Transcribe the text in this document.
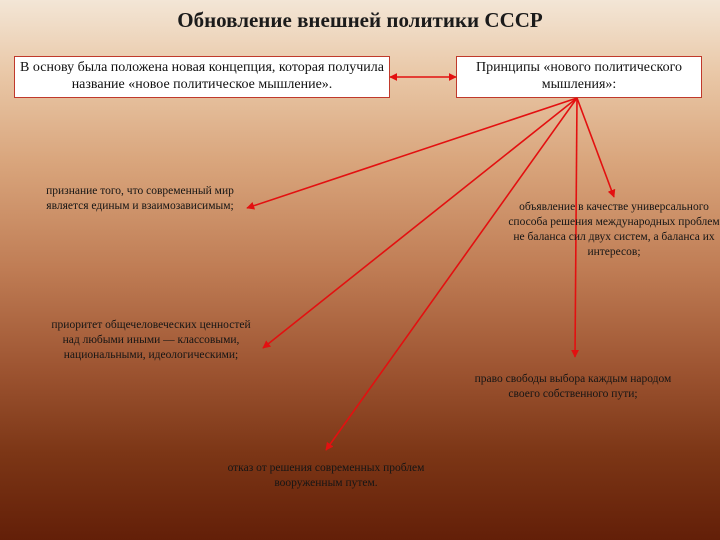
Обновление внешней политики СССР
В основу была положена новая концепция, которая получила название «новое политическое мышление».
Принципы «нового политического мышления»:
признание того, что современный мир является единым и взаимозависимым;
приоритет общечеловеческих ценностей над любыми иными — классовыми, национальными, идеологическими;
отказ от решения современных проблем вооруженным путем.
объявление в качестве универсального способа решения международных проблем не баланса сил двух систем, а баланса их интересов;
право свободы выбора каждым народом своего собственного пути;
